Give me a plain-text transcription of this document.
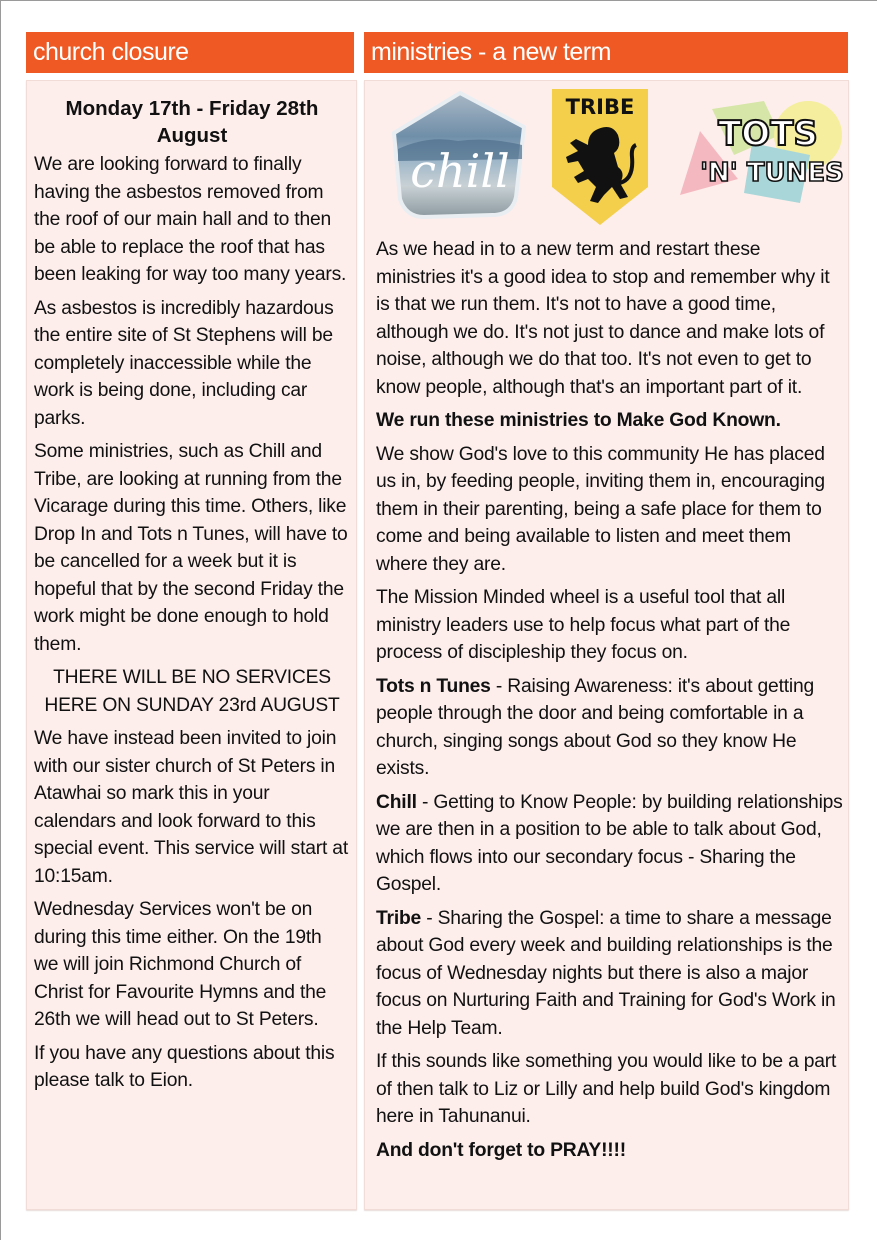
church closure
Monday 17th - Friday 28th August

We are looking forward to finally having the asbestos removed from the roof of our main hall and to then be able to replace the roof that has been leaking for way too many years.

As asbestos is incredibly hazardous the entire site of St Stephens will be completely inaccessible while the work is being done, including car parks.

Some ministries, such as Chill and Tribe, are looking at running from the Vicarage during this time. Others, like Drop In and Tots n Tunes, will have to be cancelled for a week but it is hopeful that by the second Friday the work might be done enough to hold them.

THERE WILL BE NO SERVICES HERE ON SUNDAY 23rd AUGUST

We have instead been invited to join with our sister church of St Peters in Atawhai so mark this in your calendars and look forward to this special event. This service will start at 10:15am.

Wednesday Services won't be on during this time either. On the 19th we will join Richmond Church of Christ for Favourite Hymns and the 26th we will head out to St Peters.

If you have any questions about this please talk to Eion.

ministries - a new term
chill
TRIBE
TOTS
'N' TUNES

As we head in to a new term and restart these ministries it's a good idea to stop and remember why it is that we run them. It's not to have a good time, although we do. It's not just to dance and make lots of noise, although we do that too. It's not even to get to know people, although that's an important part of it.

We run these ministries to Make God Known.

We show God's love to this community He has placed us in, by feeding people, inviting them in, encouraging them in their parenting, being a safe place for them to come and being available to listen and meet them where they are.

The Mission Minded wheel is a useful tool that all ministry leaders use to help focus what part of the process of discipleship they focus on.

Tots n Tunes - Raising Awareness: it's about getting people through the door and being comfortable in a church, singing songs about God so they know He exists.

Chill - Getting to Know People: by building relationships we are then in a position to be able to talk about God, which flows into our secondary focus - Sharing the Gospel.

Tribe - Sharing the Gospel: a time to share a message about God every week and building relationships is the focus of Wednesday nights but there is also a major focus on Nurturing Faith and Training for God's Work in the Help Team.

If this sounds like something you would like to be a part of then talk to Liz or Lilly and help build God's kingdom here in Tahunanui.

And don't forget to PRAY!!!!
